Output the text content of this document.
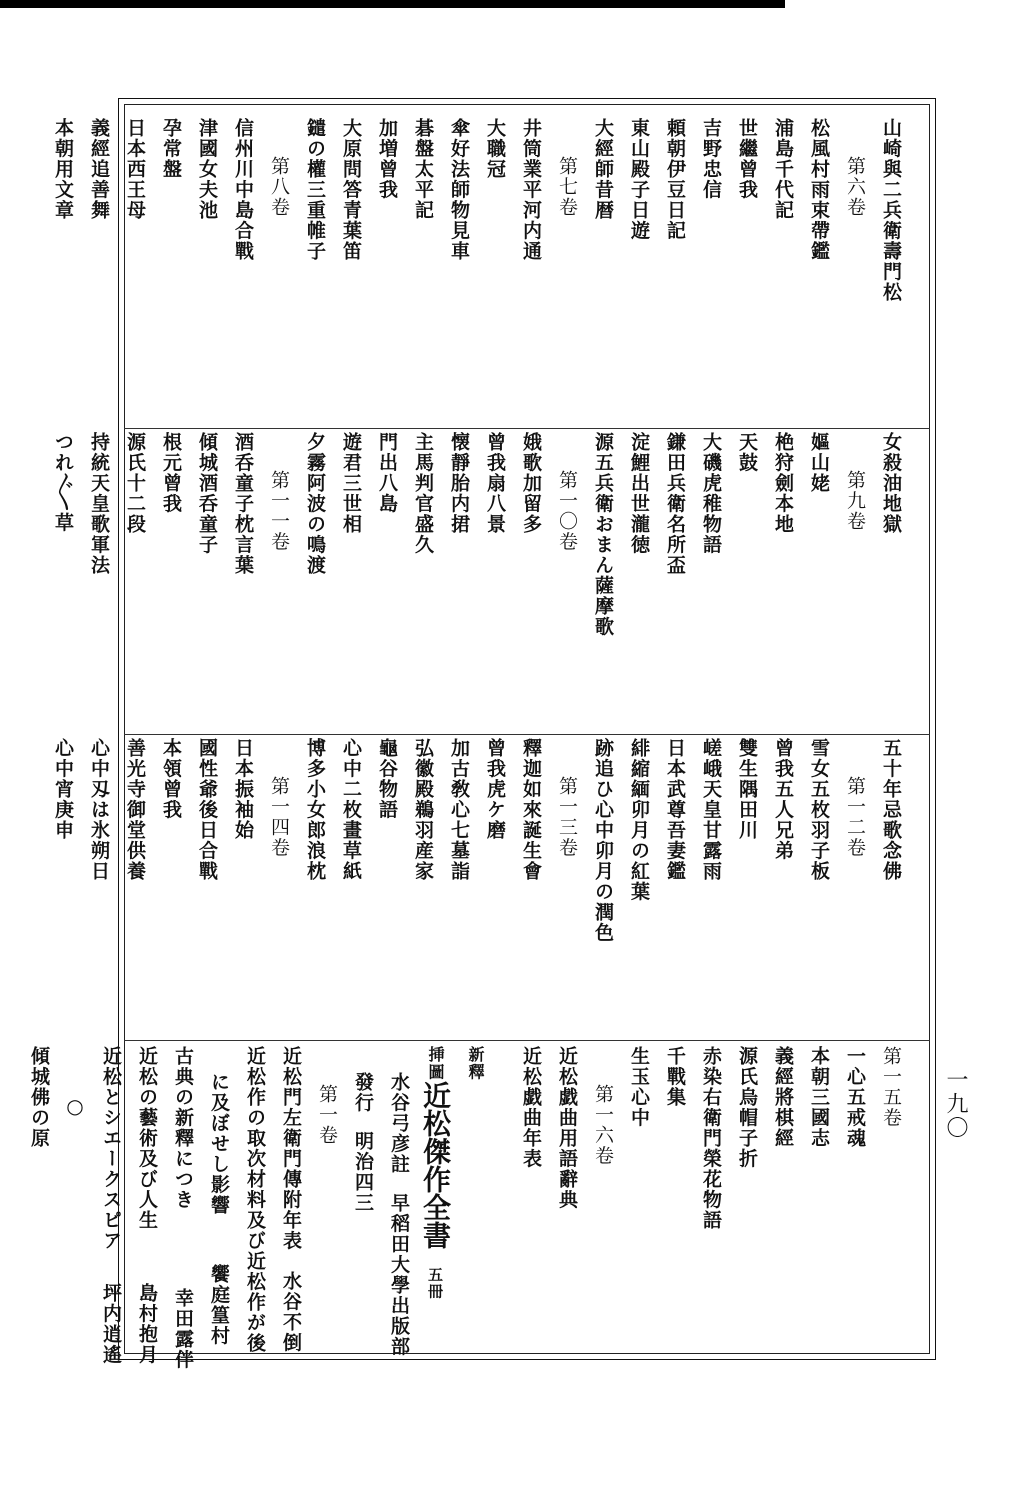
一九〇
山崎與二兵衛壽門松
第六卷
松風村雨束帶鑑
浦島千代記
世繼曾我
吉野忠信
頼朝伊豆日記
東山殿子日遊
大經師昔暦
第七卷
井筒業平河内通
大職冠
傘好法師物見車
碁盤太平記
加増曾我
大原問答青葉笛
鑓の權三重帷子
第八卷
信州川中島合戰
津國女夫池
孕常盤
日本西王母
義經追善舞
本朝用文章
女殺油地獄
第九卷
嫗山姥
栬狩劍本地
天鼓
大磯虎稚物語
鎌田兵衛名所盃
淀鯉出世瀧徳
源五兵衛おまん薩摩歌
第一〇卷
娥歌加留多
曾我扇八景
懐靜胎内捃
主馬判官盛久
門出八島
遊君三世相
夕霧阿波の鳴渡
第一一卷
酒呑童子枕言葉
傾城酒呑童子
根元曾我
源氏十二段
持統天皇歌軍法
つれ〴〵草
五十年忌歌念佛
第一二卷
雪女五枚羽子板
曾我五人兄弟
雙生隅田川
嵯峨天皇甘露雨
日本武尊吾妻鑑
緋縮緬卯月の紅葉
跡追ひ心中卯月の潤色
第一三卷
釋迦如來誕生會
曾我虎ケ磨
加古敎心七墓詣
弘徽殿鵜羽産家
龜谷物語
心中二枚畫草紙
博多小女郎浪枕
第一四卷
日本振袖始
國性爺後日合戰
本領曾我
善光寺御堂供養
心中刄は氷朔日
心中宵庚申
第一五卷
一心五戒魂
本朝三國志
義經將棋經
源氏烏帽子折
赤染右衛門榮花物語
千戰集
生玉心中
第一六卷
近松戯曲用語辭典
近松戯曲年表
新釋
挿圖
近松傑作全書
五冊
水谷弓彦註 早稻田大學出版部
發行 明治四三
第一卷
近松門左衛門傳附年表 水谷不倒
近松作の取次材料及び近松作が後
に及ぼせし影響 饗庭篁村
古典の新釋につき 幸田露伴
近松の藝術及び人生 島村抱月
近松とシエークスピア 坪内逍遙
○
傾城佛の原
